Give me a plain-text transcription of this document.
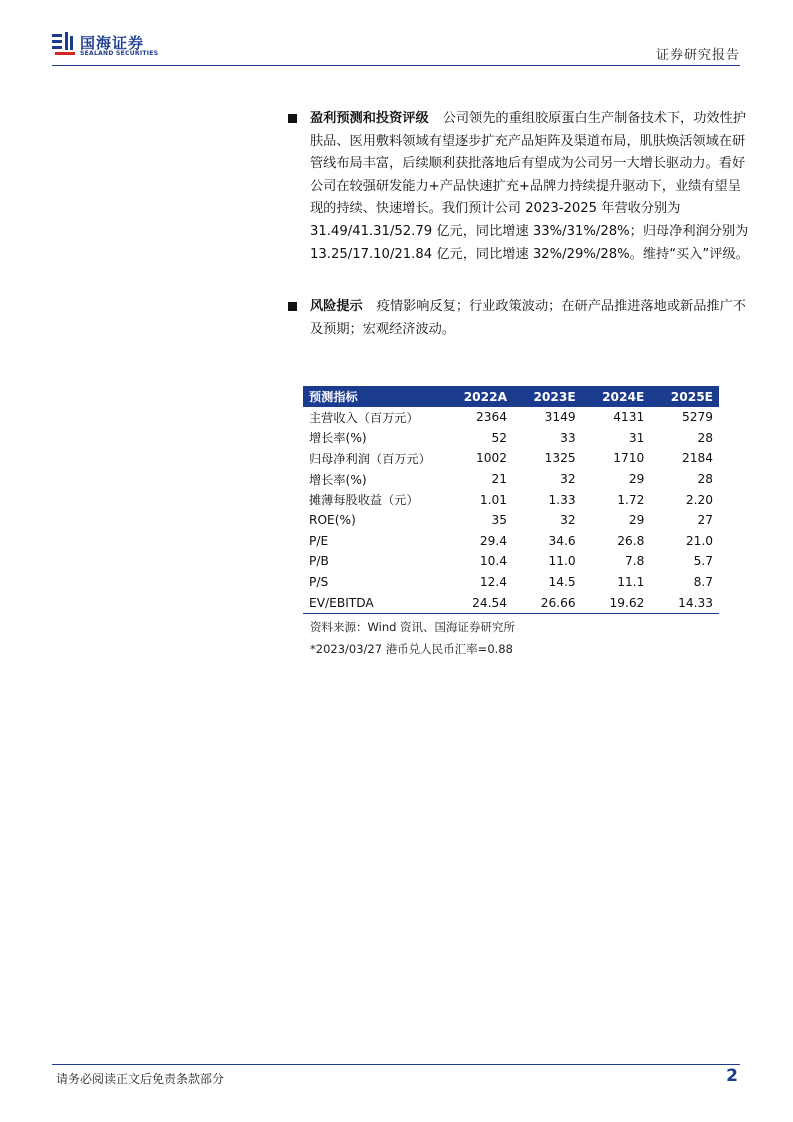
国海证券
SEALAND SECURITIES	证券研究报告
盈利预测和投资评级 公司领先的重组胶原蛋白生产制备技术下，功效性护肤品、医用敷料领域有望逐步扩充产品矩阵及渠道布局，肌肤焕活领域在研管线布局丰富，后续顺利获批落地后有望成为公司另一大增长驱动力。看好公司在较强研发能力+产品快速扩充+品牌力持续提升驱动下，业绩有望呈现的持续、快速增长。我们预计公司 2023-2025 年营收分别为 31.49/41.31/52.79 亿元，同比增速 33%/31%/28%；归母净利润分别为 13.25/17.10/21.84 亿元，同比增速 32%/29%/28%。维持“买入”评级。
风险提示 疫情影响反复；行业政策波动；在研产品推进落地或新品推广不及预期；宏观经济波动。
预测指标	2022A	2023E	2024E	2025E
主营收入（百万元）	2364	3149	4131	5279
增长率(%)	52	33	31	28
归母净利润（百万元）	1002	1325	1710	2184
增长率(%)	21	32	29	28
摊薄每股收益（元）	1.01	1.33	1.72	2.20
ROE(%)	35	32	29	27
P/E	29.4	34.6	26.8	21.0
P/B	10.4	11.0	7.8	5.7
P/S	12.4	14.5	11.1	8.7
EV/EBITDA	24.54	26.66	19.62	14.33
资料来源：Wind 资讯、国海证券研究所
*2023/03/27 港币兑人民币汇率=0.88
请务必阅读正文后免责条款部分	2
